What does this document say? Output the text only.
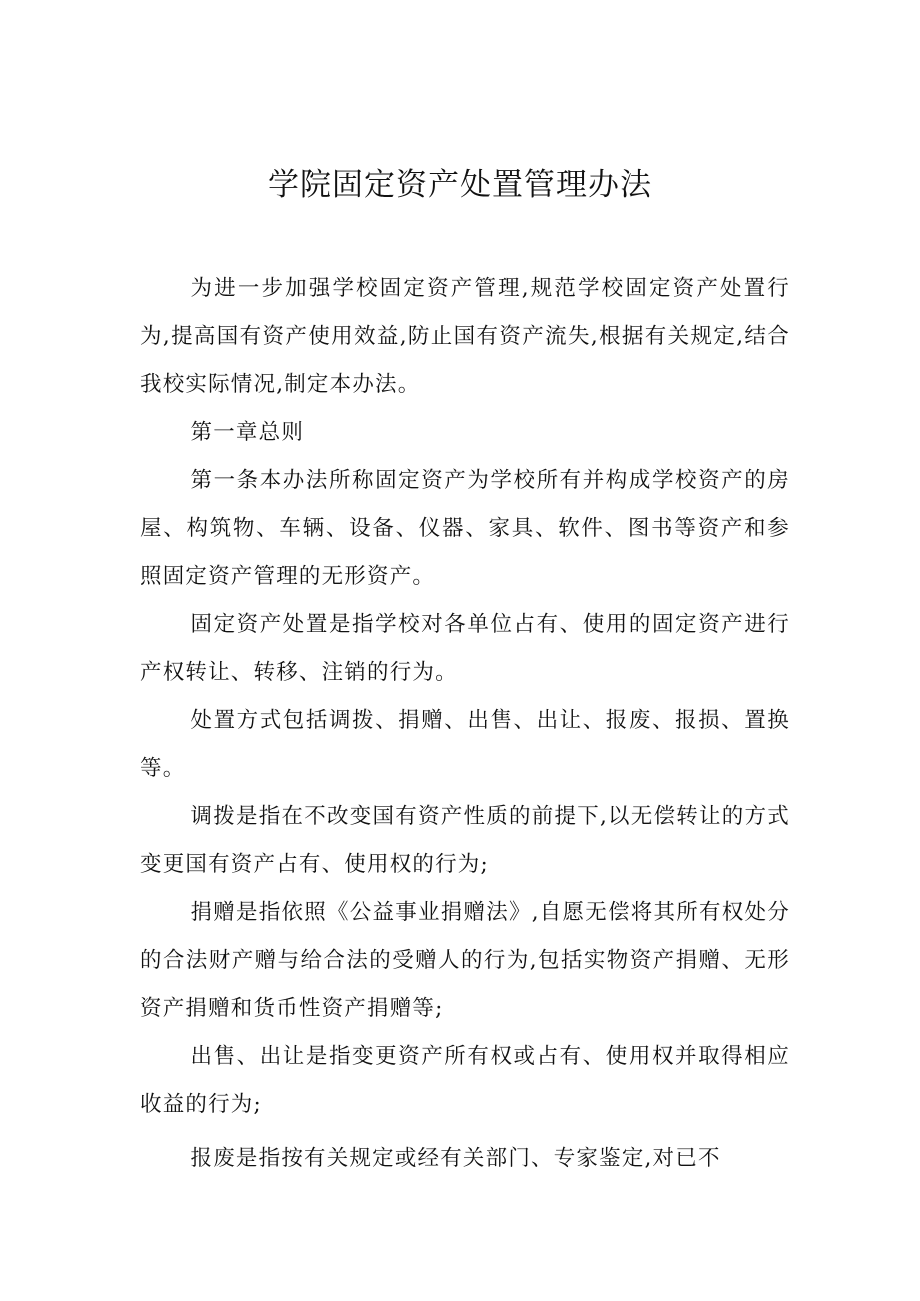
学院固定资产处置管理办法

为进一步加强学校固定资产管理,规范学校固定资产处置行为,提高国有资产使用效益,防止国有资产流失,根据有关规定,结合我校实际情况,制定本办法。

第一章总则

第一条本办法所称固定资产为学校所有并构成学校资产的房屋、构筑物、车辆、设备、仪器、家具、软件、图书等资产和参照固定资产管理的无形资产。

固定资产处置是指学校对各单位占有、使用的固定资产进行产权转让、转移、注销的行为。

处置方式包括调拨、捐赠、出售、出让、报废、报损、置换等。

调拨是指在不改变国有资产性质的前提下,以无偿转让的方式变更国有资产占有、使用权的行为;

捐赠是指依照《公益事业捐赠法》,自愿无偿将其所有权处分的合法财产赠与给合法的受赠人的行为,包括实物资产捐赠、无形资产捐赠和货币性资产捐赠等;

出售、出让是指变更资产所有权或占有、使用权并取得相应收益的行为;

报废是指按有关规定或经有关部门、专家鉴定,对已不
